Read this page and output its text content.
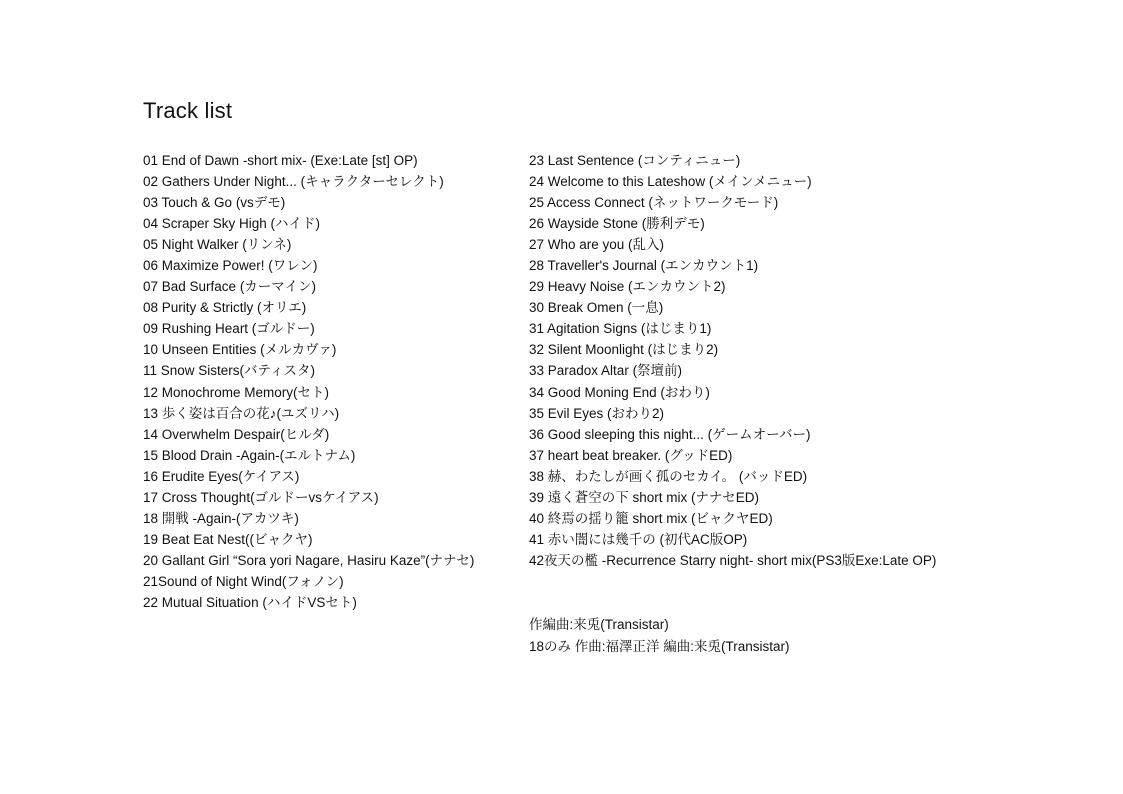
Track list
01 End of Dawn -short mix- (Exe:Late [st] OP)
02 Gathers Under Night... (キャラクターセレクト)
03 Touch & Go (vsデモ)
04 Scraper Sky High (ハイド)
05 Night Walker (リンネ)
06 Maximize Power! (ワレン)
07 Bad Surface (カーマイン)
08 Purity & Strictly (オリエ)
09 Rushing Heart (ゴルドー)
10 Unseen Entities (メルカヴァ)
11 Snow Sisters(バティスタ)
12 Monochrome Memory(セト)
13 歩く姿は百合の花♪(ユズリハ)
14 Overwhelm Despair(ヒルダ)
15 Blood Drain -Again-(エルトナム)
16 Erudite Eyes(ケイアス)
17 Cross Thought(ゴルドーvsケイアス)
18 開戦 -Again-(アカツキ)
19 Beat Eat Nest((ビャクヤ)
20 Gallant Girl “Sora yori Nagare, Hasiru Kaze”(ナナセ)
21Sound of Night Wind(フォノン)
22 Mutual Situation (ハイドVSセト)
23 Last Sentence (コンティニュー)
24 Welcome to this Lateshow (メインメニュー)
25 Access Connect (ネットワークモード)
26 Wayside Stone (勝利デモ)
27 Who are you (乱入)
28 Traveller's Journal (エンカウント1)
29 Heavy Noise (エンカウント2)
30 Break Omen (一息)
31 Agitation Signs (はじまり1)
32 Silent Moonlight (はじまり2)
33 Paradox Altar (祭壇前)
34 Good Moning End (おわり)
35 Evil Eyes (おわり2)
36 Good sleeping this night... (ゲームオーバー)
37 heart beat breaker. (グッドED)
38 赫、わたしが画く孤のセカイ。 (バッドED)
39 遠く蒼空の下 short mix (ナナセED)
40 終焉の揺り籠 short mix (ビャクヤED)
41 赤い闇には幾千の (初代AC版OP)
42夜天の檻 -Recurrence Starry night- short mix(PS3版Exe:Late OP)
作編曲:来兎(Transistar)
18のみ 作曲:福澤正洋 編曲:来兎(Transistar)
